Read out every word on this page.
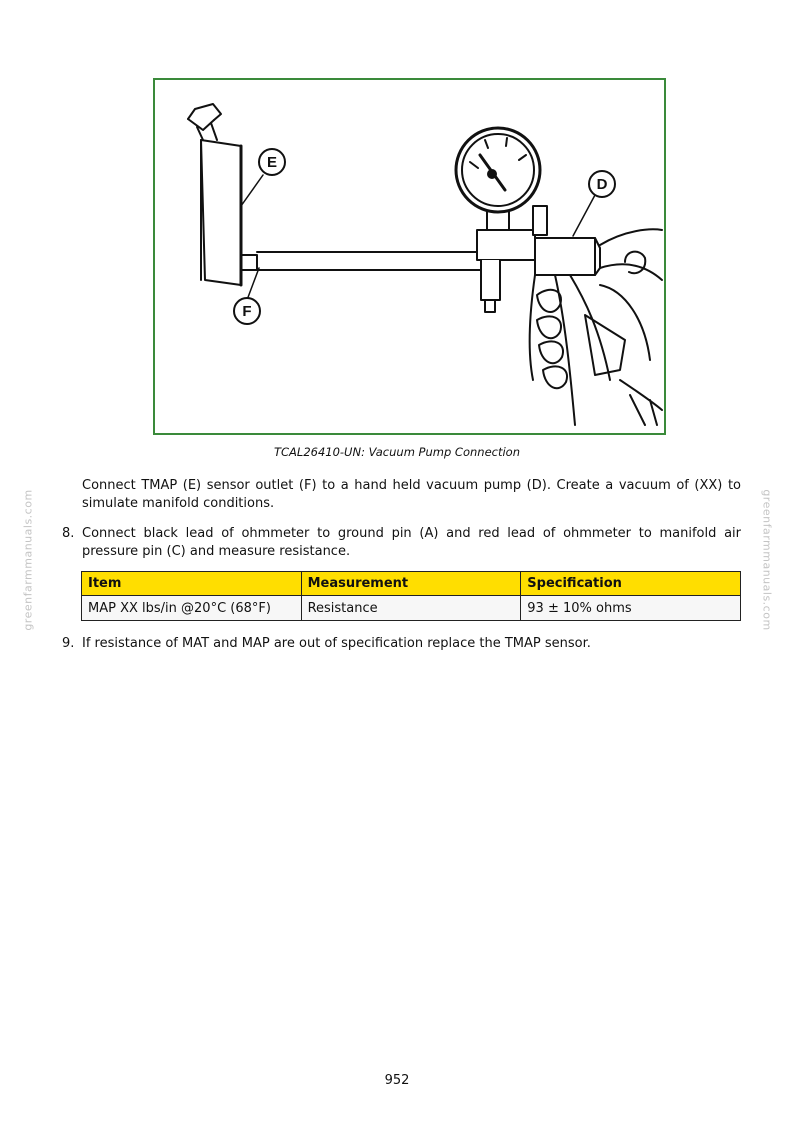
greenfarmmanuals.com	greenfarmmanuals.com
E
F
D
TCAL26410-UN: Vacuum Pump Connection
Connect TMAP (E) sensor outlet (F) to a hand held vacuum pump (D). Create a vacuum of (XX) to simulate manifold conditions.
8. Connect black lead of ohmmeter to ground pin (A) and red lead of ohmmeter to manifold air pressure pin (C) and measure resistance.
Item	Measurement	Specification
MAP XX lbs/in @20°C (68°F)	Resistance	93 ± 10% ohms
9. If resistance of MAT and MAP are out of specification replace the TMAP sensor.
952
